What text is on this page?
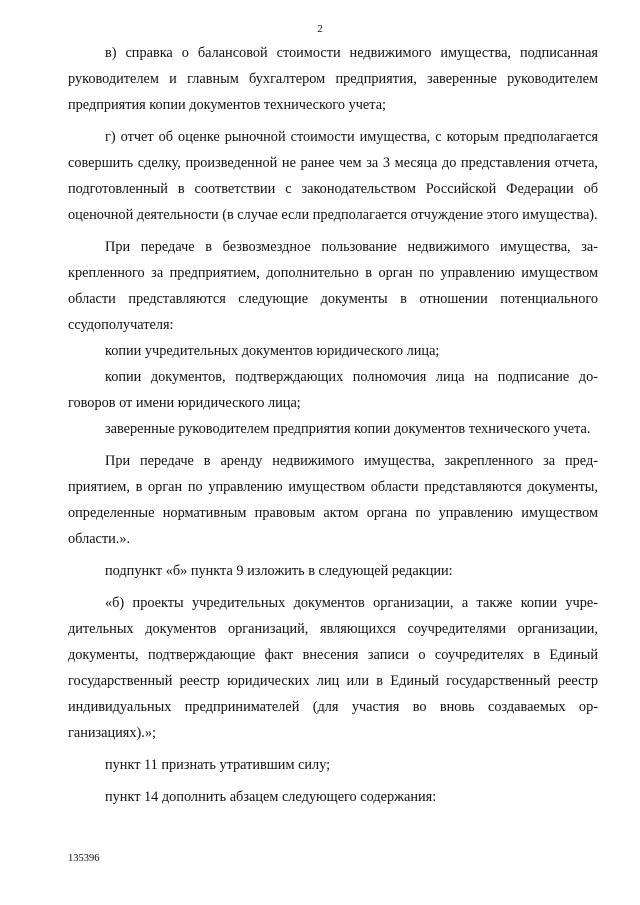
2

в) справка о балансовой стоимости недвижимого имущества, подписанная руководителем и главным бухгалтером предприятия, заверенные руководителем предприятия копии документов технического учета;

г) отчет об оценке рыночной стоимости имущества, с которым предполагается совершить сделку, произведенной не ранее чем за 3 месяца до представления отчета, подготовленный в соответствии с законодательством Российской Федерации об оценочной деятельности (в случае если предполагается отчуждение этого имущества).

При передаче в безвозмездное пользование недвижимого имущества, закрепленного за предприятием, дополнительно в орган по управлению имуществом области представляются следующие документы в отношении потенциального ссудополучателя:

копии учредительных документов юридического лица;

копии документов, подтверждающих полномочия лица на подписание договоров от имени юридического лица;

заверенные руководителем предприятия копии документов технического учета.

При передаче в аренду недвижимого имущества, закрепленного за предприятием, в орган по управлению имуществом области представляются документы, определенные нормативным правовым актом органа по управлению имуществом области.».

подпункт «б» пункта 9 изложить в следующей редакции:

«б) проекты учредительных документов организации, а также копии учредительных документов организаций, являющихся соучредителями организации, документы, подтверждающие факт внесения записи о соучредителях в Единый государственный реестр юридических лиц или в Единый государственный реестр индивидуальных предпринимателей (для участия во вновь создаваемых организациях).»;

пункт 11 признать утратившим силу;

пункт 14 дополнить абзацем следующего содержания:

135396
